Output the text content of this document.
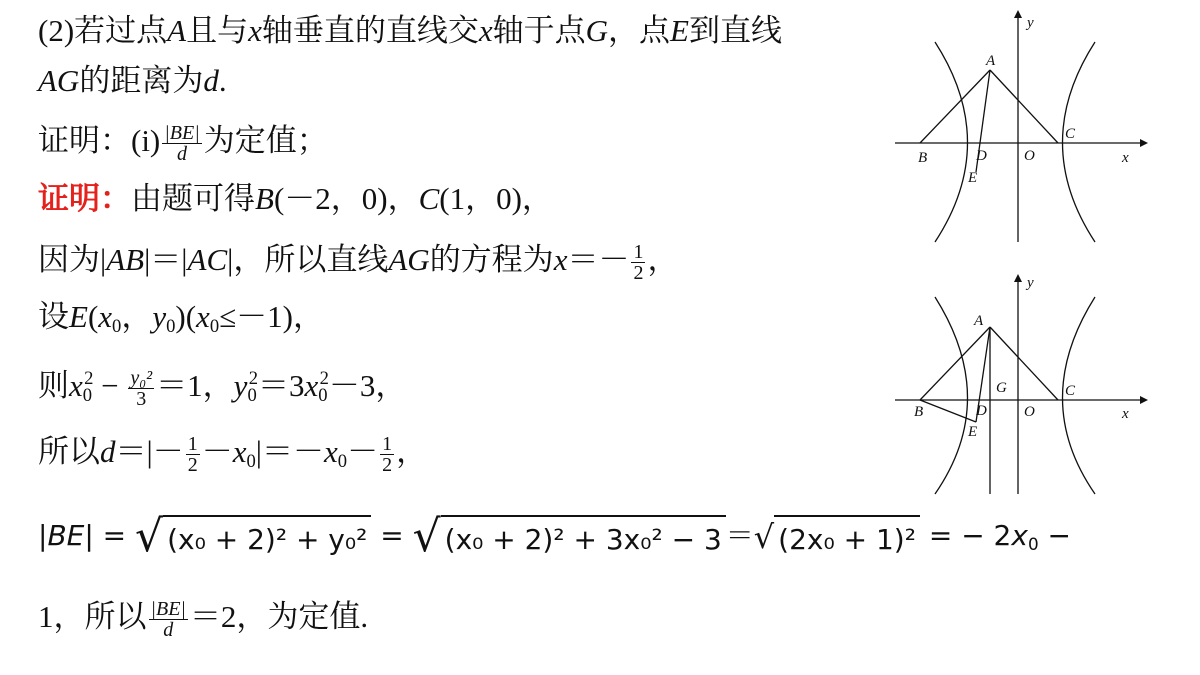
(2)若过点A且与x轴垂直的直线交x轴于点G，点E到直线
AG的距离为d.
证明：$(i) \frac{|BE|}{d}$ 为定值；
证明：由题可得B(－2，0)，C(1，0)，
因为|AB|＝|AC|，所以直线AG的方程为$x=- \frac{1}{2}$ ，
设$E(x_0$，$y_0)(x_0\le-1)$，
则$x_0^2 - \frac{\text{y₀²}}{3} =1$，$y_0^2=3x_0^2-3$，
所以$d=|- \frac{1}{2} -x_0|=-x_0- \frac{1}{2}$ ，
|BE| = √ (x₀ + 2)² + y₀² = √ (x₀ + 2)² + 3x₀² − 3 ＝√ (2x₀ + 1)² = − $2x_0$ −
1，所以 $\frac{|BE|}{d} =2$，为定值.
y
x
A
B
C
D O
E
y
x
A
B
C
D
G
O
E
